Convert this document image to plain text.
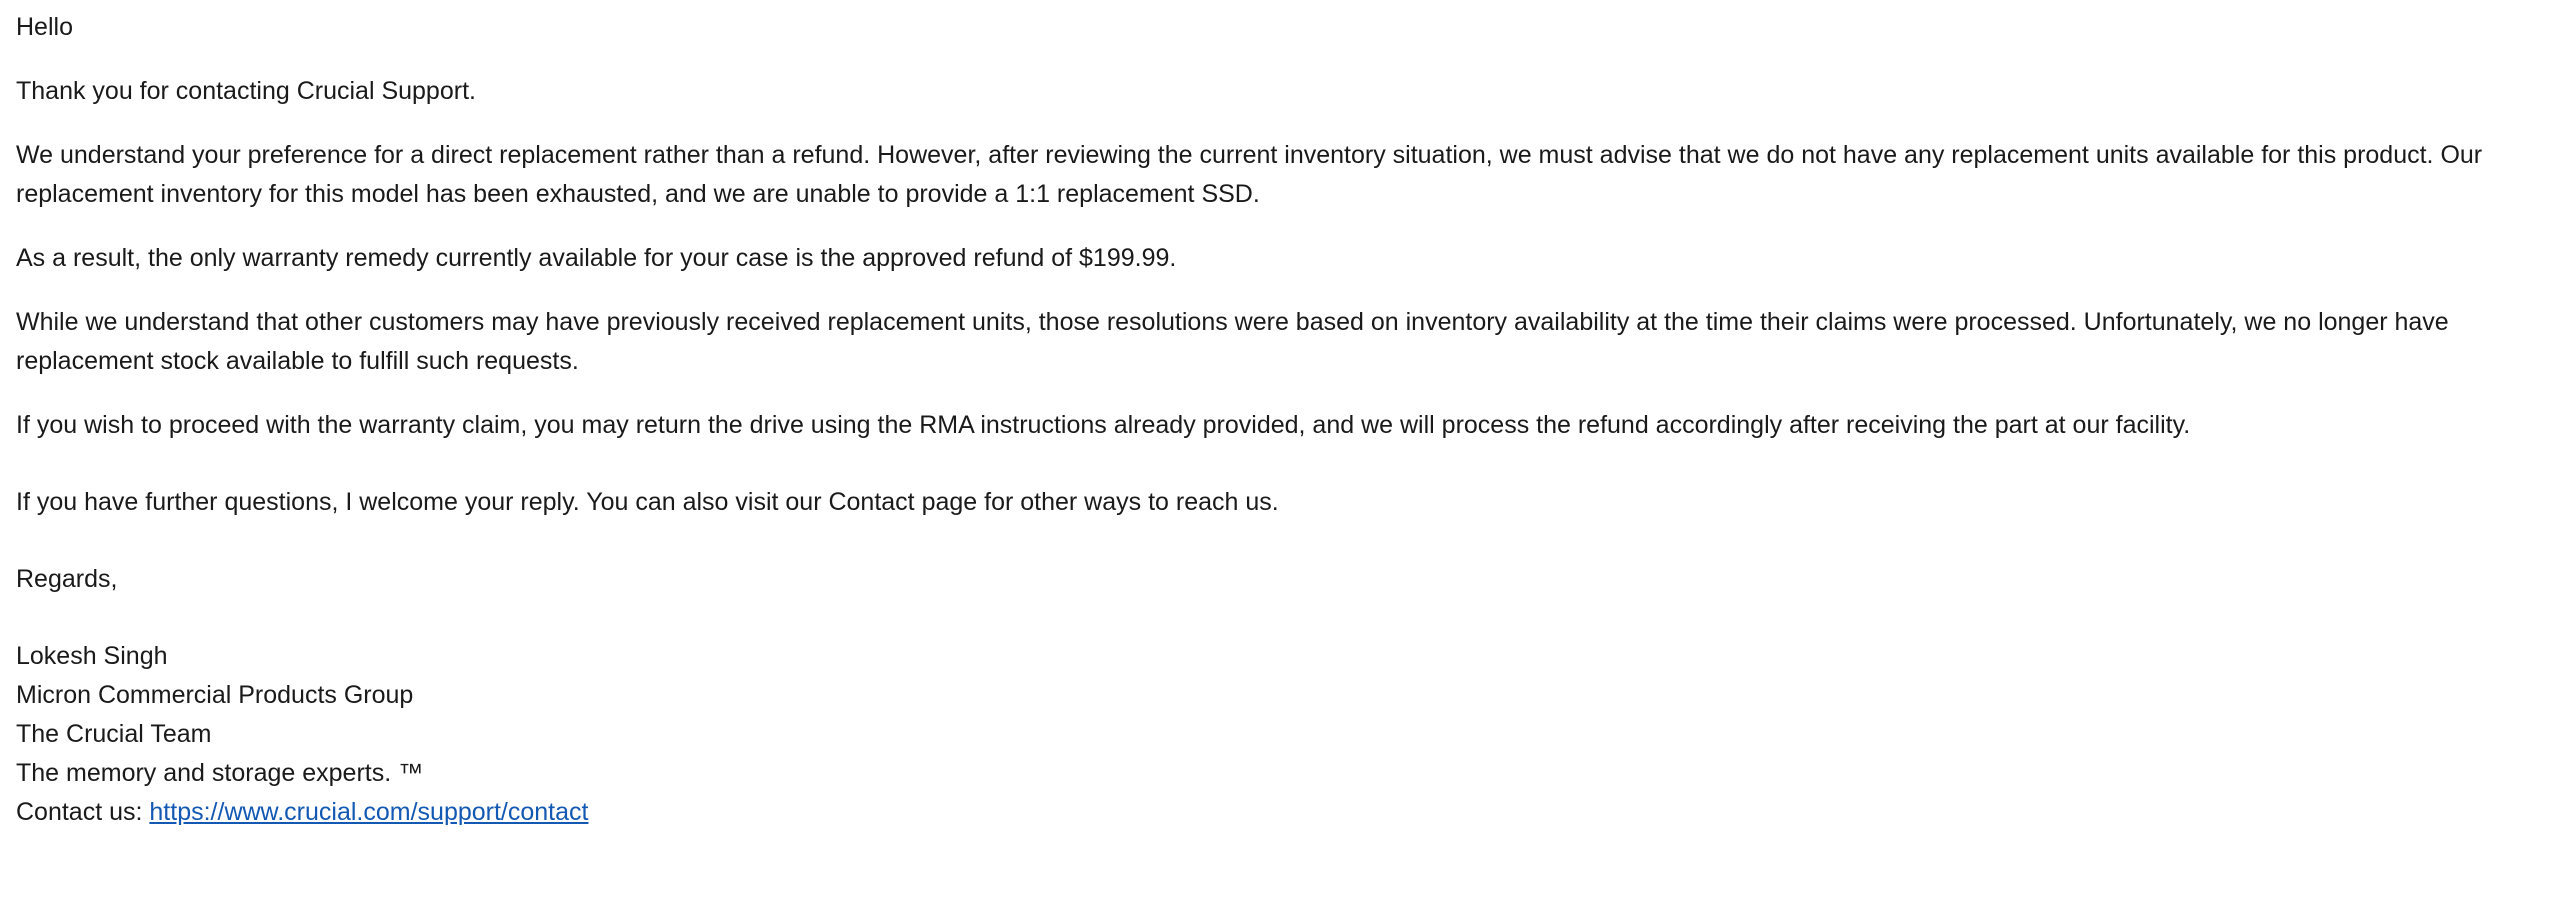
Hello

Thank you for contacting Crucial Support.

We understand your preference for a direct replacement rather than a refund. However, after reviewing the current inventory situation, we must advise that we do not have any replacement units available for this product. Our replacement inventory for this model has been exhausted, and we are unable to provide a 1:1 replacement SSD.

As a result, the only warranty remedy currently available for your case is the approved refund of $199.99.

While we understand that other customers may have previously received replacement units, those resolutions were based on inventory availability at the time their claims were processed. Unfortunately, we no longer have replacement stock available to fulfill such requests.

If you wish to proceed with the warranty claim, you may return the drive using the RMA instructions already provided, and we will process the refund accordingly after receiving the part at our facility.

If you have further questions, I welcome your reply. You can also visit our Contact page for other ways to reach us.

Regards,

Lokesh Singh
Micron Commercial Products Group
The Crucial Team
The memory and storage experts. ™
Contact us: https://www.crucial.com/support/contact
